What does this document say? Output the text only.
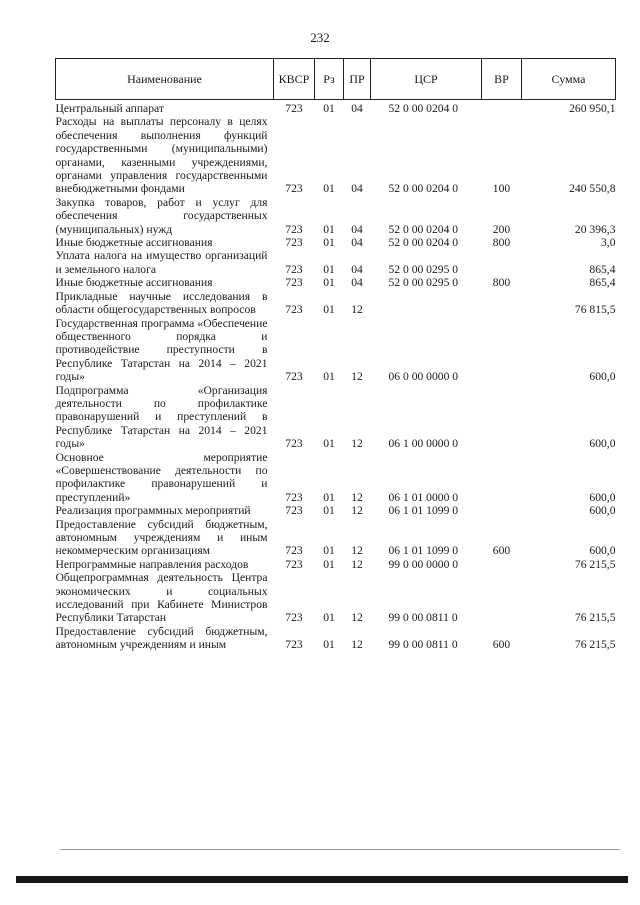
232
Наименование	КВСР	Рз	ПР	ЦСР	ВР	Сумма
Центральный аппарат	723	01	04	52 0 00 0204 0		260 950,1
Расходы на выплаты персоналу в целях обеспечения выполнения функций государственными (муниципальными) органами, казенными учреждениями, органами управления государственными внебюджетными фондами	723	01	04	52 0 00 0204 0	100	240 550,8
Закупка товаров, работ и услуг для обеспечения государственных (муниципальных) нужд	723	01	04	52 0 00 0204 0	200	20 396,3
Иные бюджетные ассигнования	723	01	04	52 0 00 0204 0	800	3,0
Уплата налога на имущество организаций и земельного налога	723	01	04	52 0 00 0295 0		865,4
Иные бюджетные ассигнования	723	01	04	52 0 00 0295 0	800	865,4
Прикладные научные исследования в области общегосударственных вопросов	723	01	12			76 815,5
Государственная программа «Обеспечение общественного порядка и противодействие преступности в Республике Татарстан на 2014 – 2021 годы»	723	01	12	06 0 00 0000 0		600,0
Подпрограмма «Организация деятельности по профилактике правонарушений и преступлений в Республике Татарстан на 2014 – 2021 годы»	723	01	12	06 1 00 0000 0		600,0
Основное мероприятие «Совершенствование деятельности по профилактике правонарушений и преступлений»	723	01	12	06 1 01 0000 0		600,0
Реализация программных мероприятий	723	01	12	06 1 01 1099 0		600,0
Предоставление субсидий бюджетным, автономным учреждениям и иным некоммерческим организациям	723	01	12	06 1 01 1099 0	600	600,0
Непрограммные направления расходов	723	01	12	99 0 00 0000 0		76 215,5
Общепрограммная деятельность Центра экономических и социальных исследований при Кабинете Министров Республики Татарстан	723	01	12	99 0 00 0811 0		76 215,5
Предоставление субсидий бюджетным, автономным учреждениям и иным	723	01	12	99 0 00 0811 0	600	76 215,5
